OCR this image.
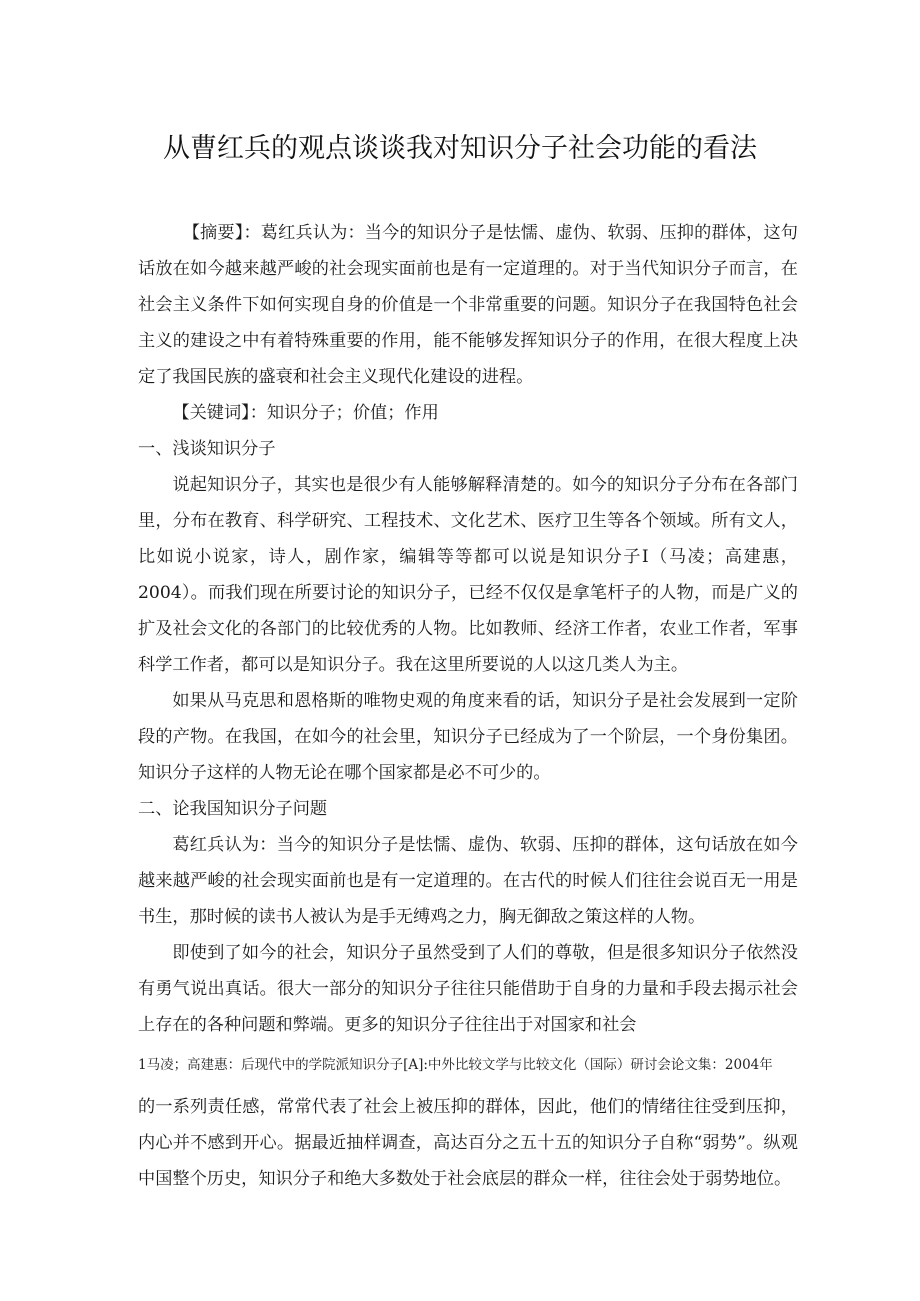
从曹红兵的观点谈谈我对知识分子社会功能的看法

【摘要】：葛红兵认为：当今的知识分子是怯懦、虚伪、软弱、压抑的群体，这句话放在如今越来越严峻的社会现实面前也是有一定道理的。对于当代知识分子而言，在社会主义条件下如何实现自身的价值是一个非常重要的问题。知识分子在我国特色社会主义的建设之中有着特殊重要的作用，能不能够发挥知识分子的作用，在很大程度上决定了我国民族的盛衰和社会主义现代化建设的进程。

【关键词】：知识分子；价值；作用

一、浅谈知识分子

说起知识分子，其实也是很少有人能够解释清楚的。如今的知识分子分布在各部门里，分布在教育、科学研究、工程技术、文化艺术、医疗卫生等各个领域。所有文人，比如说小说家，诗人，剧作家，编辑等等都可以说是知识分子I（马凌；高建惠，2004）。而我们现在所要讨论的知识分子，已经不仅仅是拿笔杆子的人物，而是广义的扩及社会文化的各部门的比较优秀的人物。比如教师、经济工作者，农业工作者，军事科学工作者，都可以是知识分子。我在这里所要说的人以这几类人为主。

如果从马克思和恩格斯的唯物史观的角度来看的话，知识分子是社会发展到一定阶段的产物。在我国，在如今的社会里，知识分子已经成为了一个阶层，一个身份集团。知识分子这样的人物无论在哪个国家都是必不可少的。

二、论我国知识分子问题

葛红兵认为：当今的知识分子是怯懦、虚伪、软弱、压抑的群体，这句话放在如今越来越严峻的社会现实面前也是有一定道理的。在古代的时候人们往往会说百无一用是书生，那时候的读书人被认为是手无缚鸡之力，胸无御敌之策这样的人物。

即使到了如今的社会，知识分子虽然受到了人们的尊敬，但是很多知识分子依然没有勇气说出真话。很大一部分的知识分子往往只能借助于自身的力量和手段去揭示社会上存在的各种问题和弊端。更多的知识分子往往出于对国家和社会

1马凌；高建惠：后现代中的学院派知识分子[A]:中外比较文学与比较文化（国际）研讨会论文集：2004年

的一系列责任感，常常代表了社会上被压抑的群体，因此，他们的情绪往往受到压抑，内心并不感到开心。据最近抽样调查，高达百分之五十五的知识分子自称“弱势”。纵观中国整个历史，知识分子和绝大多数处于社会底层的群众一样，往往会处于弱势地位。
